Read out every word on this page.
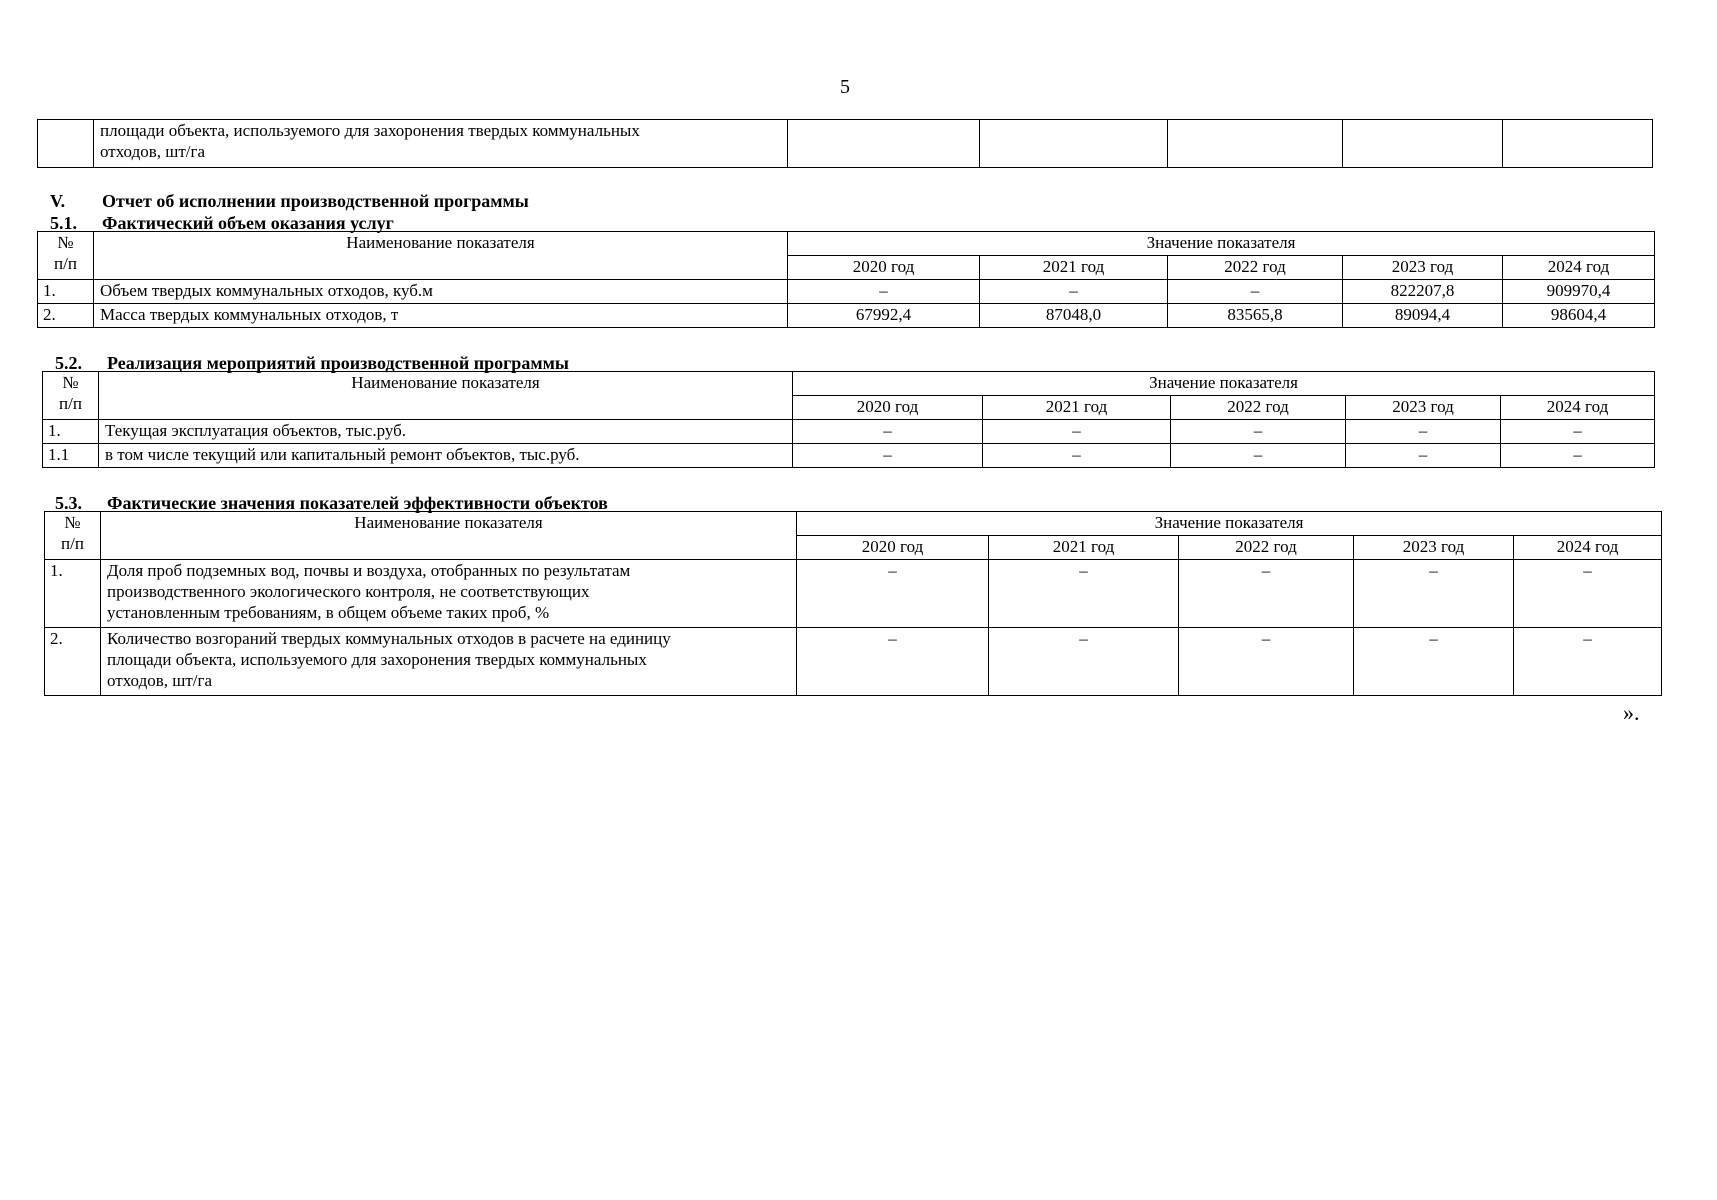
5

площади объекта, используемого для захоронения твердых коммунальных
отходов, шт/га

V. Отчет об исполнении производственной программы
5.1. Фактический объем оказания услуг
№
п/п	Наименование показателя	Значение показателя				
		2020 год	2021 год	2022 год	2023 год	2024 год
1.	Объем твердых коммунальных отходов, куб.м	–	–	–	822207,8	909970,4
2.	Масса твердых коммунальных отходов, т	67992,4	87048,0	83565,8	89094,4	98604,4
5.2. Реализация мероприятий производственной программы
№
п/п	Наименование показателя	Значение показателя				
		2020 год	2021 год	2022 год	2023 год	2024 год
1.	Текущая эксплуатация объектов, тыс.руб.	–	–	–	–	–
1.1	в том числе текущий или капитальный ремонт объектов, тыс.руб.	–	–	–	–	–
5.3. Фактические значения показателей эффективности объектов
№
п/п	Наименование показателя	Значение показателя				
		2020 год	2021 год	2022 год	2023 год	2024 год
1.	Доля проб подземных вод, почвы и воздуха, отобранных по результатам
производственного экологического контроля, не соответствующих
установленным требованиям, в общем объеме таких проб, %	–	–	–	–	–
2.	Количество возгораний твердых коммунальных отходов в расчете на единицу
площади объекта, используемого для захоронения твердых коммунальных
отходов, шт/га	–	–	–	–	–
».
